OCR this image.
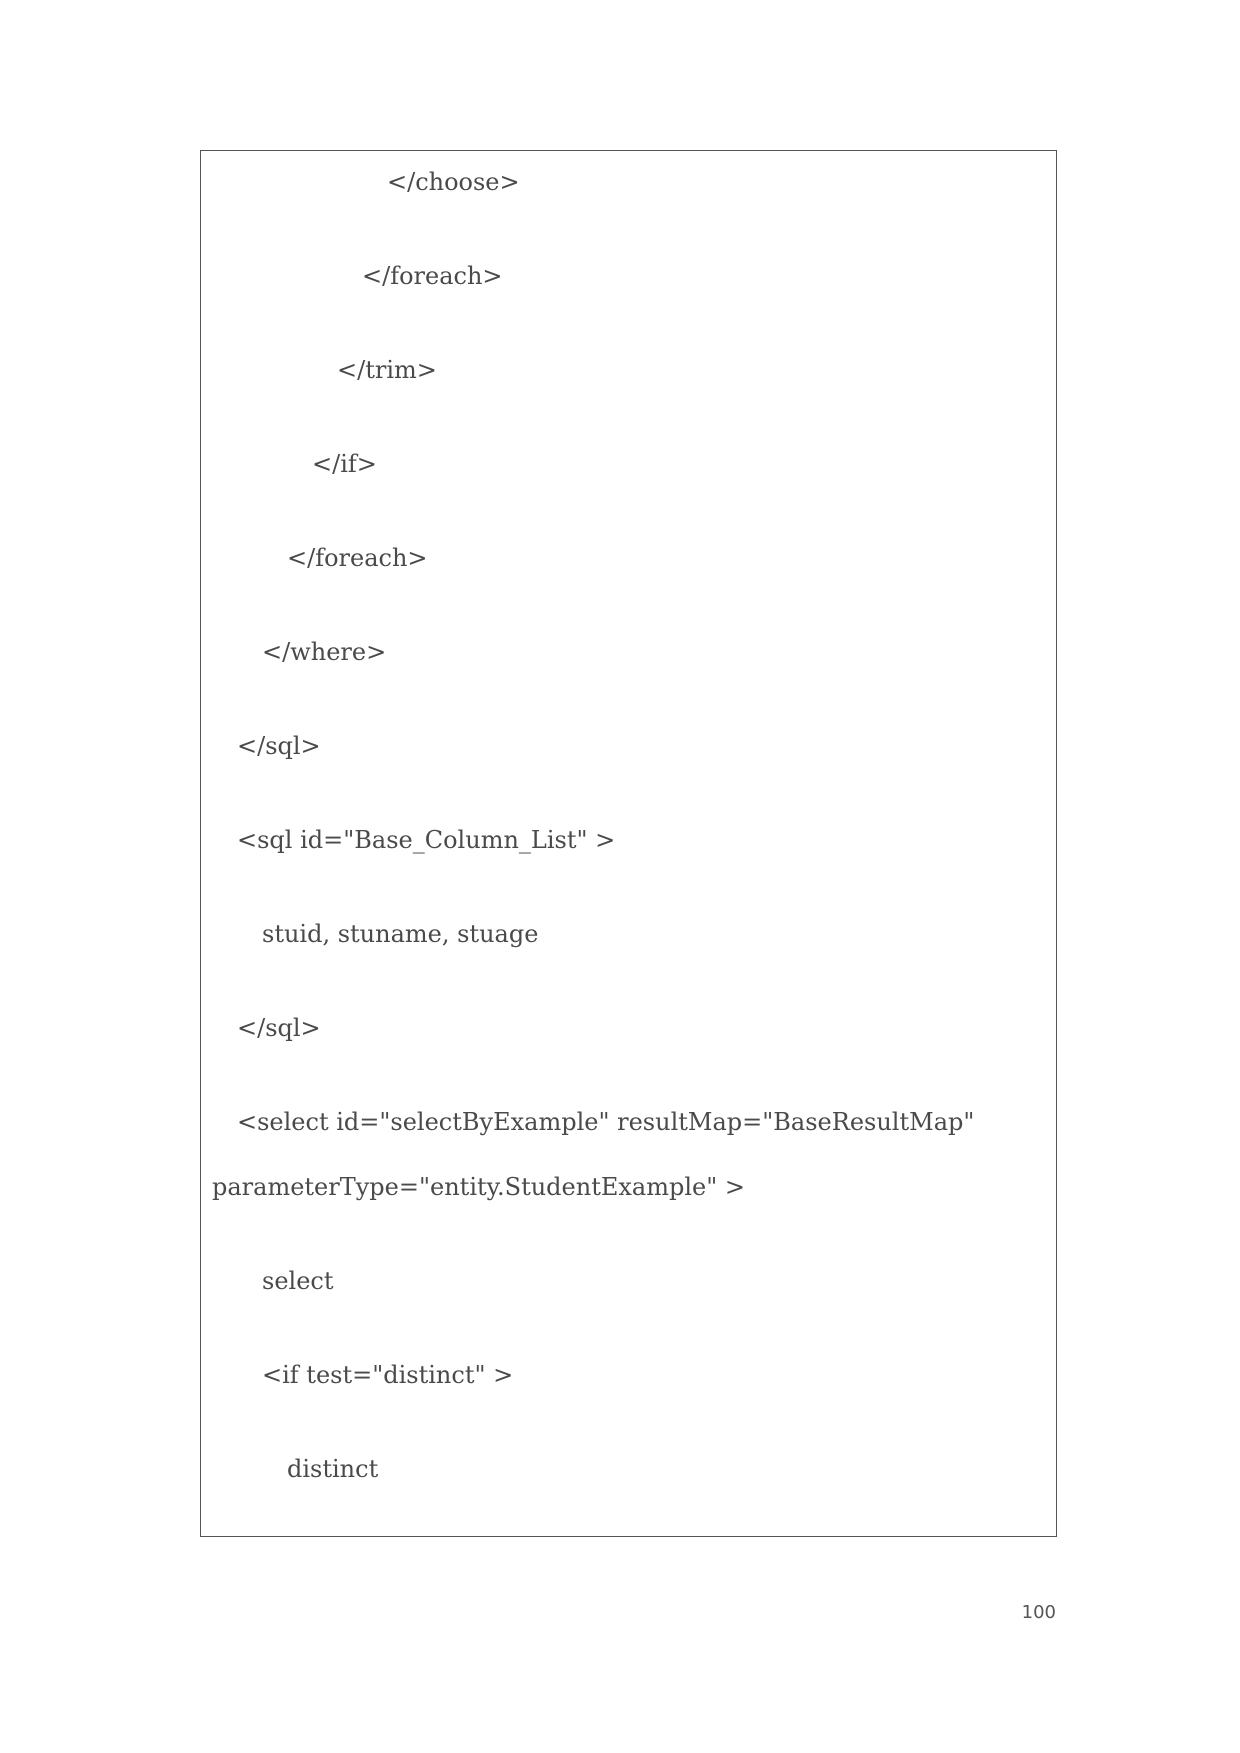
</choose>
</foreach>
</trim>
</if>
</foreach>
</where>
</sql>
<sql id="Base_Column_List" >
stuid, stuname, stuage
</sql>
<select id="selectByExample" resultMap="BaseResultMap"
parameterType="entity.StudentExample" >
select
<if test="distinct" >
distinct
100
